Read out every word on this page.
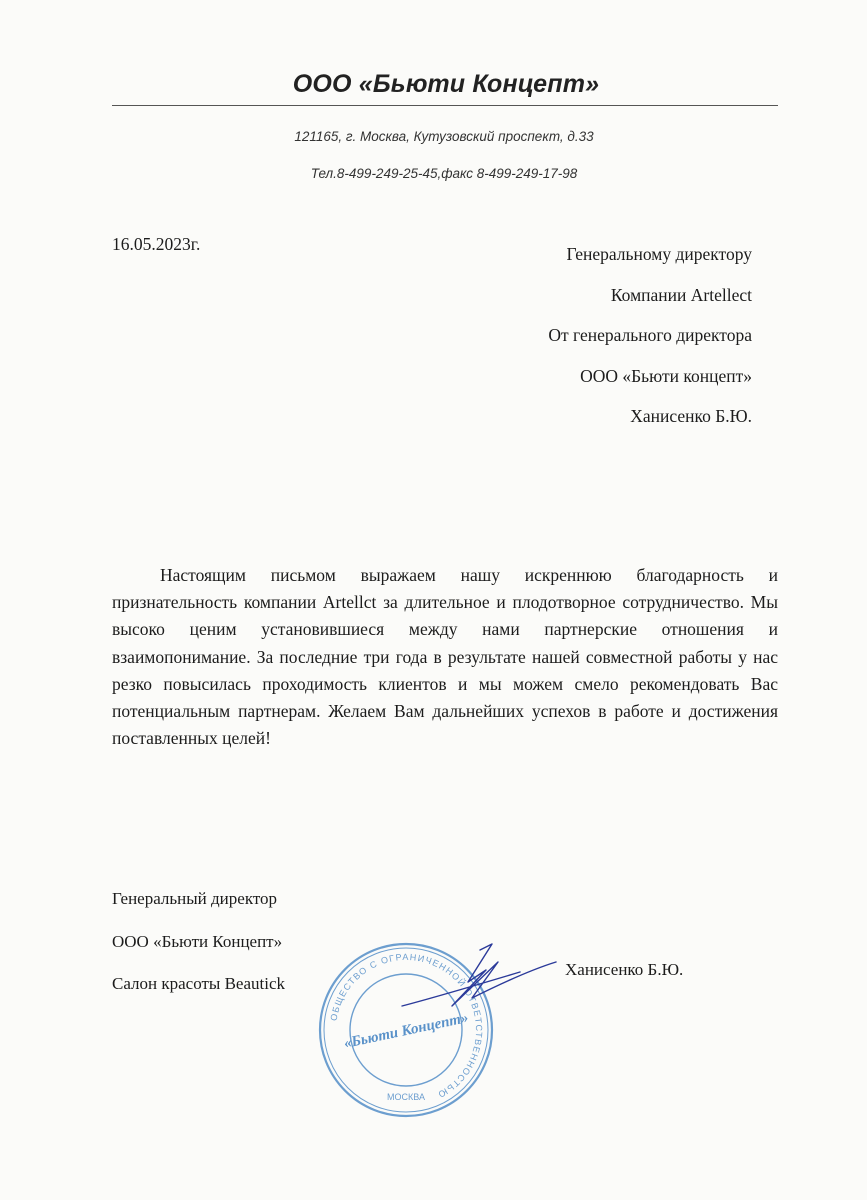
ООО «Бьюти Концепт»
121165, г. Москва, Кутузовский проспект, д.33
Тел.8-499-249-25-45,факс 8-499-249-17-98
16.05.2023г.	Генеральному директору
Компании Artellect
От генерального директора
ООО «Бьюти концепт»
Ханисенко Б.Ю.

Настоящим письмом выражаем нашу искреннюю благодарность и признательность компании Artellct за длительное и плодотворное сотрудничество. Мы высоко ценим установившиеся между нами партнерские отношения и взаимопонимание. За последние три года в результате нашей совместной работы у нас резко повысилась проходимость клиентов и мы можем смело рекомендовать Вас потенциальным партнерам. Желаем Вам дальнейших успехов в работе и достижения поставленных целей!

Генеральный директор
ООО «Бьюти Концепт»
Салон красоты Beautick
ОБЩЕСТВО С ОГРАНИЧЕННОЙ ОТВЕТСТВЕННОСТЬЮ
МОСКВА
«Бьюти Концепт»
Ханисенко Б.Ю.
